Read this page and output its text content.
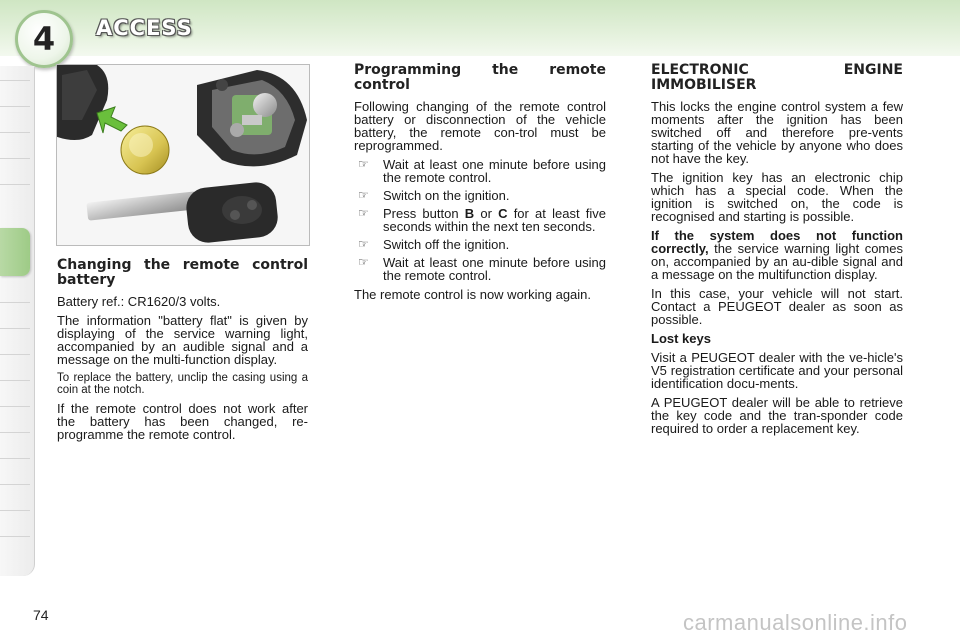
4	ACCESS
Changing the remote control battery

Battery ref.: CR1620/3 volts.

The information "battery flat" is given by displaying of the service warning light, accompanied by an audible signal and a message on the multi-function display.

To replace the battery, unclip the casing using a coin at the notch.

If the remote control does not work after the battery has been changed, re-programme the remote control.

Programming the remote control

Following changing of the remote control battery or disconnection of the vehicle battery, the remote con-trol must be reprogrammed.

☞ Wait at least one minute before using the remote control.
☞ Switch on the ignition.
☞ Press button B or C for at least five seconds within the next ten seconds.
☞ Switch off the ignition.
☞ Wait at least one minute before using the remote control.

The remote control is now working again.

ELECTRONIC ENGINE IMMOBILISER

This locks the engine control system a few moments after the ignition has been switched off and therefore pre-vents starting of the vehicle by anyone who does not have the key.

The ignition key has an electronic chip which has a special code. When the ignition is switched on, the code is recognised and starting is possible.

If the system does not function correctly, the service warning light comes on, accompanied by an au-dible signal and a message on the multifunction display.

In this case, your vehicle will not start. Contact a PEUGEOT dealer as soon as possible.

Lost keys

Visit a PEUGEOT dealer with the ve-hicle's V5 registration certificate and your personal identification docu-ments.

A PEUGEOT dealer will be able to retrieve the key code and the tran-sponder code required to order a replacement key.

74	carmanualsonline.info
